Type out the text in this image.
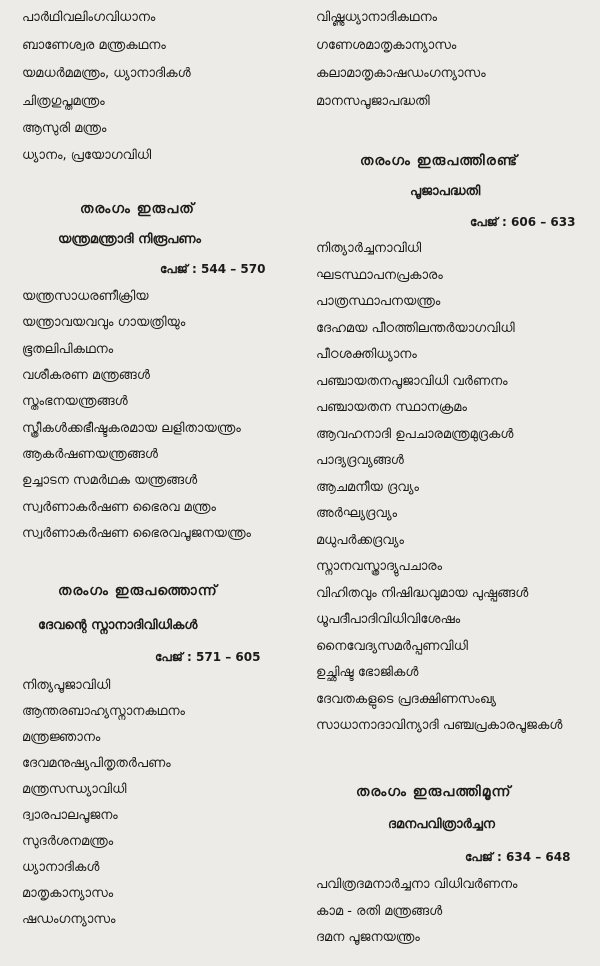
പാർഥിവലിംഗവിധാനം
ബാണേശ്വര മന്ത്രകഥനം
യമധർമമന്ത്രം, ധ്യാനാദികൾ
ചിത്രഗുപ്തമന്ത്രം
ആസുരി മന്ത്രം
ധ്യാനം, പ്രയോഗവിധി
തരംഗം ഇരുപത്
യന്ത്രമന്ത്രാദി നിരൂപണം
പേജ് : 544 – 570
യന്ത്രസാധരണീക്രിയ
യന്ത്രാവയവവും ഗായത്രിയും
ഭൂതലിപികഥനം
വശീകരണ മന്ത്രങ്ങൾ
സ്തംഭനയന്ത്രങ്ങൾ
സ്ത്രീകൾക്കഭീഷ്ടകരമായ ലളിതായന്ത്രം
ആകർഷണയന്ത്രങ്ങൾ
ഉച്ചാടന സമർഥക യന്ത്രങ്ങൾ
സ്വർണാകർഷണ ഭൈരവ മന്ത്രം
സ്വർണാകർഷണ ഭൈരവപൂജനയന്ത്രം
തരംഗം ഇരുപത്തൊന്ന്
ദേവന്റെ സ്നാനാദിവിധികൾ
പേജ് : 571 – 605
നിത്യപൂജാവിധി
ആന്തരബാഹ്യസ്നാനകഥനം
മന്ത്രജ്ഞാനം
ദേവമനുഷ്യപിതൃതർപണം
മന്ത്രസന്ധ്യാവിധി
ദ്വാരപാലപൂജനം
സുദർശനമന്ത്രം
ധ്യാനാദികൾ
മാതൃകാന്യാസം
ഷഡംഗന്യാസം
വിഷ്ണുധ്യാനാദികഥനം
ഗണേശമാതൃകാന്യാസം
കലാമാതൃകാഷഡംഗന്യാസം
മാനസപൂജാപദ്ധതി
തരംഗം ഇരുപത്തിരണ്ട്
പൂജാപദ്ധതി
പേജ് : 606 – 633
നിത്യാർച്ചനാവിധി
ഘടസ്ഥാപനപ്രകാരം
പാത്രസ്ഥാപനയന്ത്രം
ദേഹമയ പീഠത്തിലന്തർയാഗവിധി
പീഠശക്തിധ്യാനം
പഞ്ചായതനപൂജാവിധി വർണനം
പഞ്ചായതന സ്ഥാനക്രമം
ആവഹനാദി ഉപചാരമന്ത്രമുദ്രകൾ
പാദ്യദ്രവ്യങ്ങൾ
ആചമനീയ ദ്രവ്യം
അർഘ്യദ്രവ്യം
മധുപർക്കദ്രവ്യം
സ്നാനവസ്ത്രാദ്യുപചാരം
വിഹിതവും നിഷിദ്ധവുമായ പുഷ്പങ്ങൾ
ധൂപദീപാദിവിധിവിശേഷം
നൈവേദ്യസമർപ്പണവിധി
ഉച്ഛിഷ്ട ഭോജികൾ
ദേവതകളുടെ പ്രദക്ഷിണസംഖ്യ
സാധാനാദാവിന്യാദി പഞ്ചപ്രകാരപൂജകൾ
തരംഗം ഇരുപത്തിമൂന്ന്
ദമനപവിത്രാർച്ചന
പേജ് : 634 – 648
പവിത്രദമനാർച്ചനാ വിധിവർണനം
കാമ - രതി മന്ത്രങ്ങൾ
ദമന പൂജനയന്ത്രം
